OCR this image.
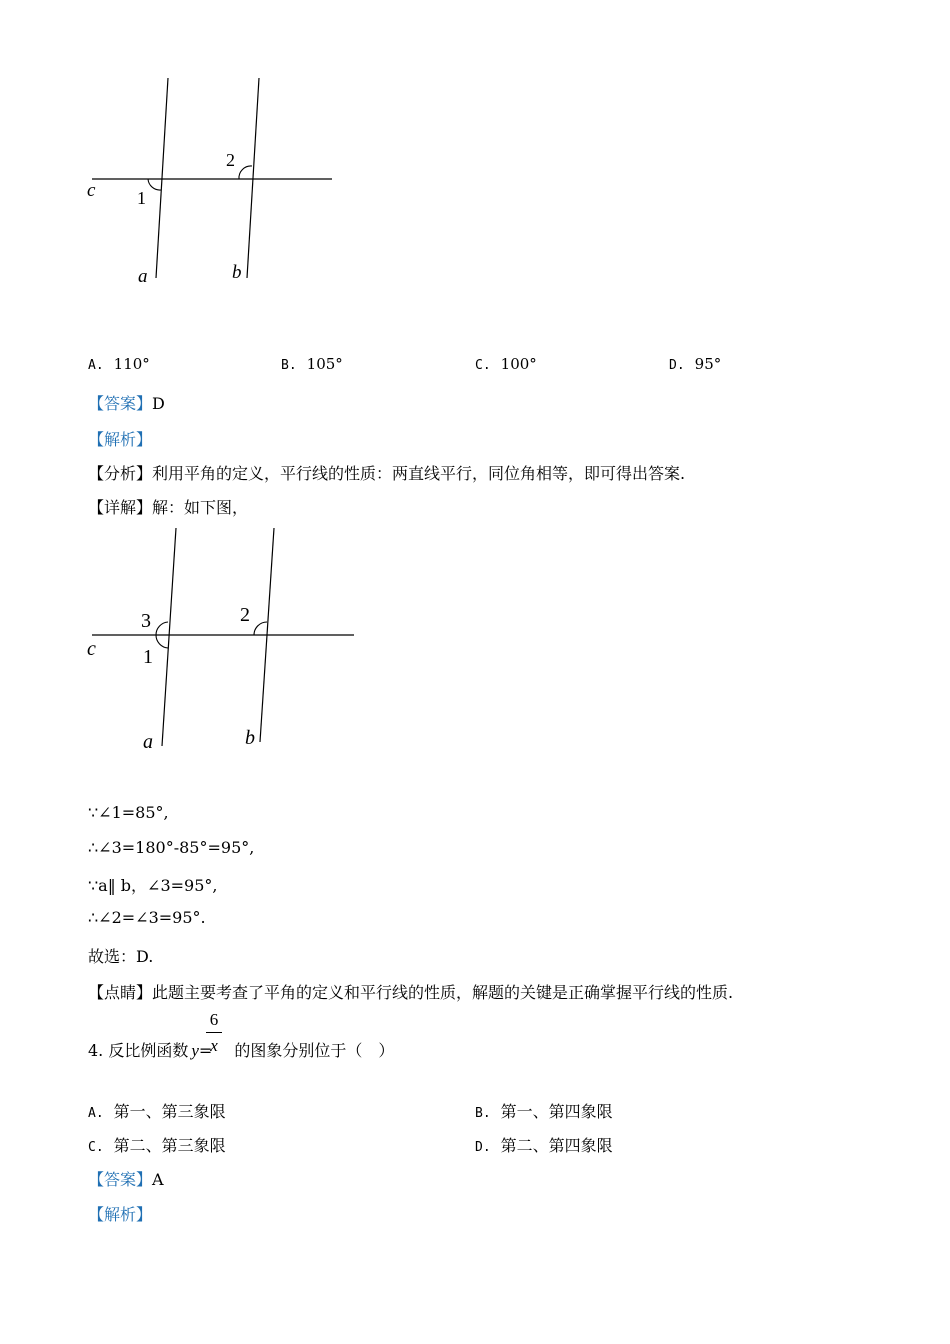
c 1
2
a	b
A. 110°	B. 105°	C. 100°	D. 95°
【答案】D
【解析】
【分析】利用平角的定义，平行线的性质：两直线平行，同位角相等，即可得出答案.
【详解】解：如下图，
c
3
1
2
a	b
∵∠1=85°,
∴∠3=180°-85°=95°,
∵a‖ b，∠3=95°,
∴∠2=∠3=95°.
故选：D.
【点睛】此题主要考查了平角的定义和平行线的性质，解题的关键是正确掌握平行线的性质.
4. 反比例函数 y= 的图象分别位于（　）
6
x
A. 第一、第三象限	B. 第一、第四象限
C. 第二、第三象限	D. 第二、第四象限
【答案】A
【解析】
